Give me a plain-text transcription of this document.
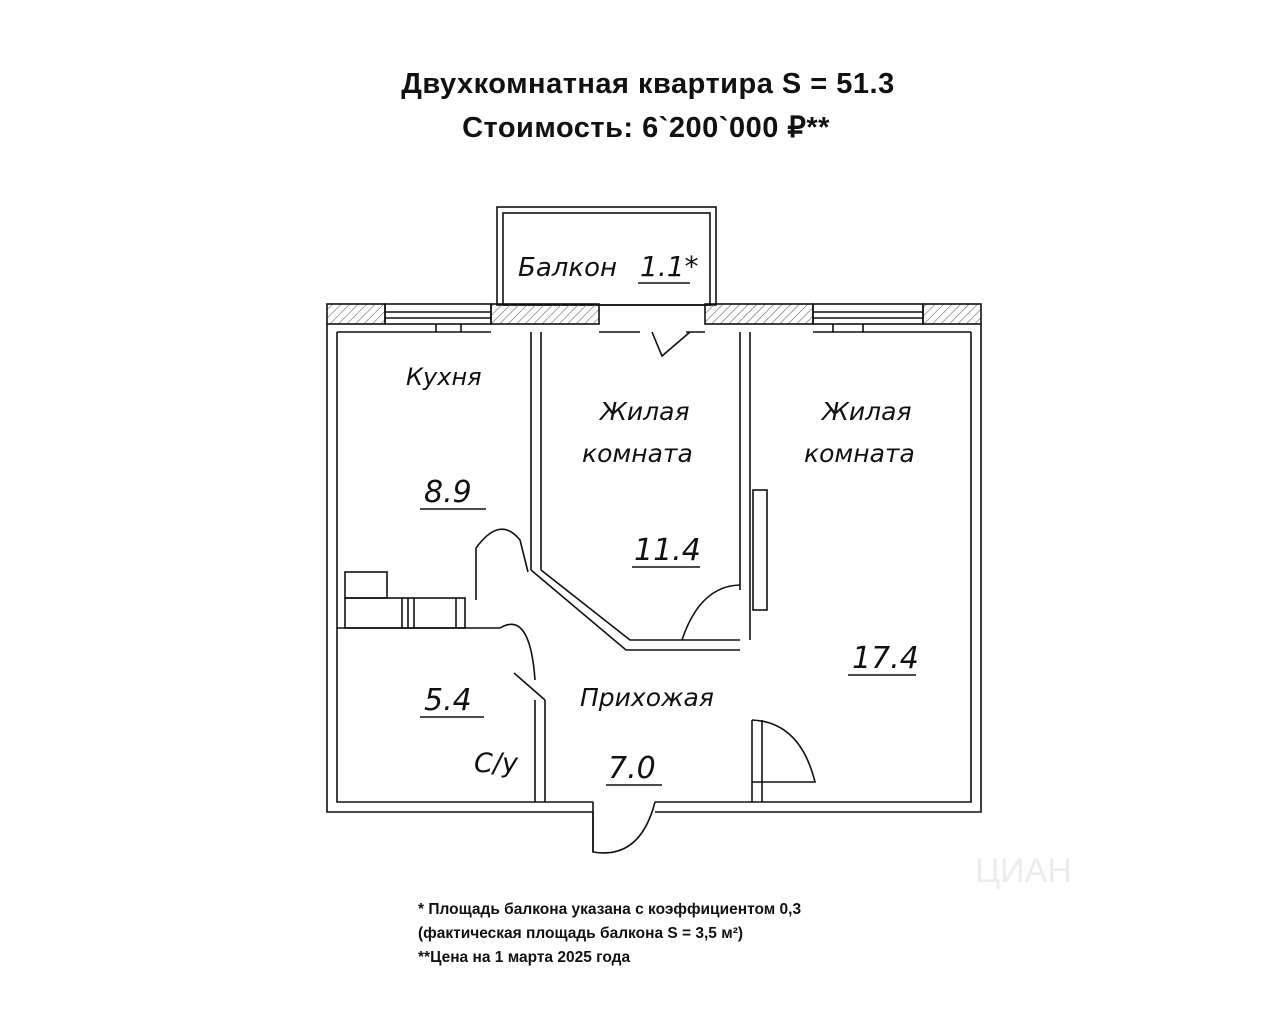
Двухкомнатная квартира S = 51.3
Стоимость: 6`200`000 ₽**
ЦИАН
Балкон 1.1*
Кухня
8.9
Жилая
комната
11.4
Жилая
комната
17.4
5.4
С/у
Прихожая
7.0
* Площадь балкона указана с коэффициентом 0,3
(фактическая площадь балкона S = 3,5 м²)
**Цена на 1 марта 2025 года
